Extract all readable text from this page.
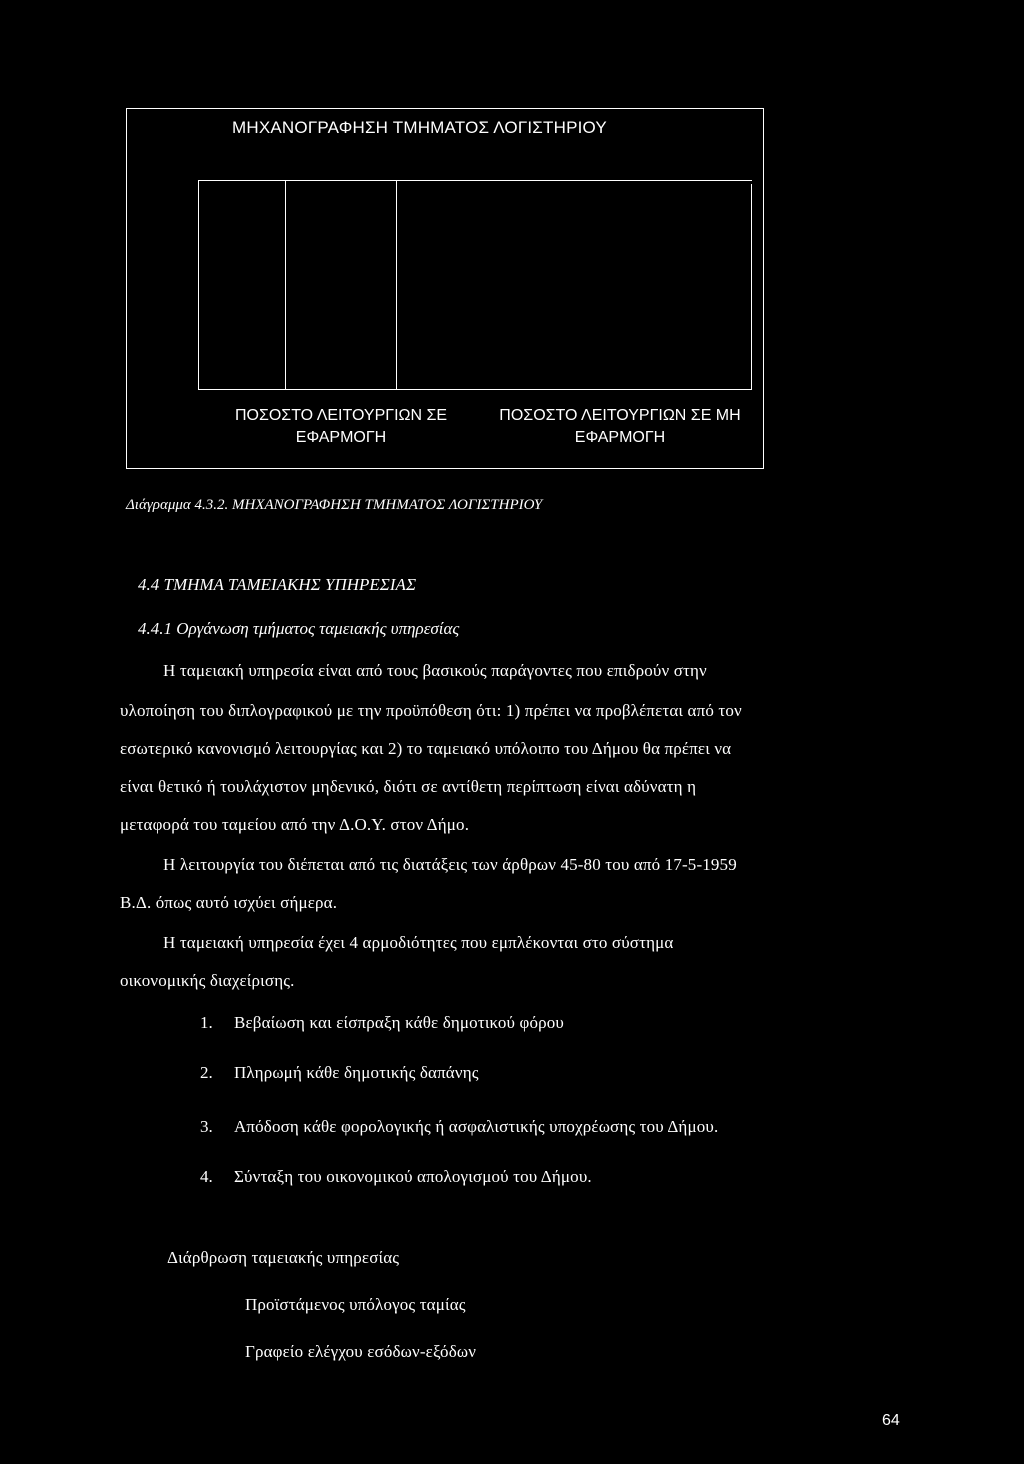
ΜΗΧΑΝΟΓΡΑΦΗΣΗ ΤΜΗΜΑΤΟΣ ΛΟΓΙΣΤΗΡΙΟΥ
ΠΟΣΟΣΤΟ ΛΕΙΤΟΥΡΓΙΩΝ ΣΕ
ΕΦΑΡΜΟΓΗ
ΠΟΣΟΣΤΟ ΛΕΙΤΟΥΡΓΙΩΝ ΣΕ ΜΗ
ΕΦΑΡΜΟΓΗ
Διάγραμμα 4.3.2. ΜΗΧΑΝΟΓΡΑΦΗΣΗ ΤΜΗΜΑΤΟΣ ΛΟΓΙΣΤΗΡΙΟΥ
4.4 ΤΜΗΜΑ ΤΑΜΕΙΑΚΗΣ ΥΠΗΡΕΣΙΑΣ
4.4.1 Οργάνωση τμήματος ταμειακής υπηρεσίας
Η ταμειακή υπηρεσία είναι από τους βασικούς παράγοντες που επιδρούν στην
υλοποίηση του διπλογραφικού με την προϋπόθεση ότι: 1) πρέπει να προβλέπεται από τον
εσωτερικό κανονισμό λειτουργίας και 2) το ταμειακό υπόλοιπο του Δήμου θα πρέπει να
είναι θετικό ή τουλάχιστον μηδενικό, διότι σε αντίθετη περίπτωση είναι αδύνατη η
μεταφορά του ταμείου από την Δ.Ο.Υ. στον Δήμο.
Η λειτουργία του διέπεται από τις διατάξεις των άρθρων 45-80 του από 17-5-1959
Β.Δ. όπως αυτό ισχύει σήμερα.
Η ταμειακή υπηρεσία έχει 4 αρμοδιότητες που εμπλέκονται στο σύστημα
οικονομικής διαχείρισης.
1. Βεβαίωση και είσπραξη κάθε δημοτικού φόρου
2. Πληρωμή κάθε δημοτικής δαπάνης
3. Απόδοση κάθε φορολογικής ή ασφαλιστικής υποχρέωσης του Δήμου.
4. Σύνταξη του οικονομικού απολογισμού του Δήμου.
Διάρθρωση ταμειακής υπηρεσίας
Προϊστάμενος υπόλογος ταμίας
Γραφείο ελέγχου εσόδων-εξόδων
64
